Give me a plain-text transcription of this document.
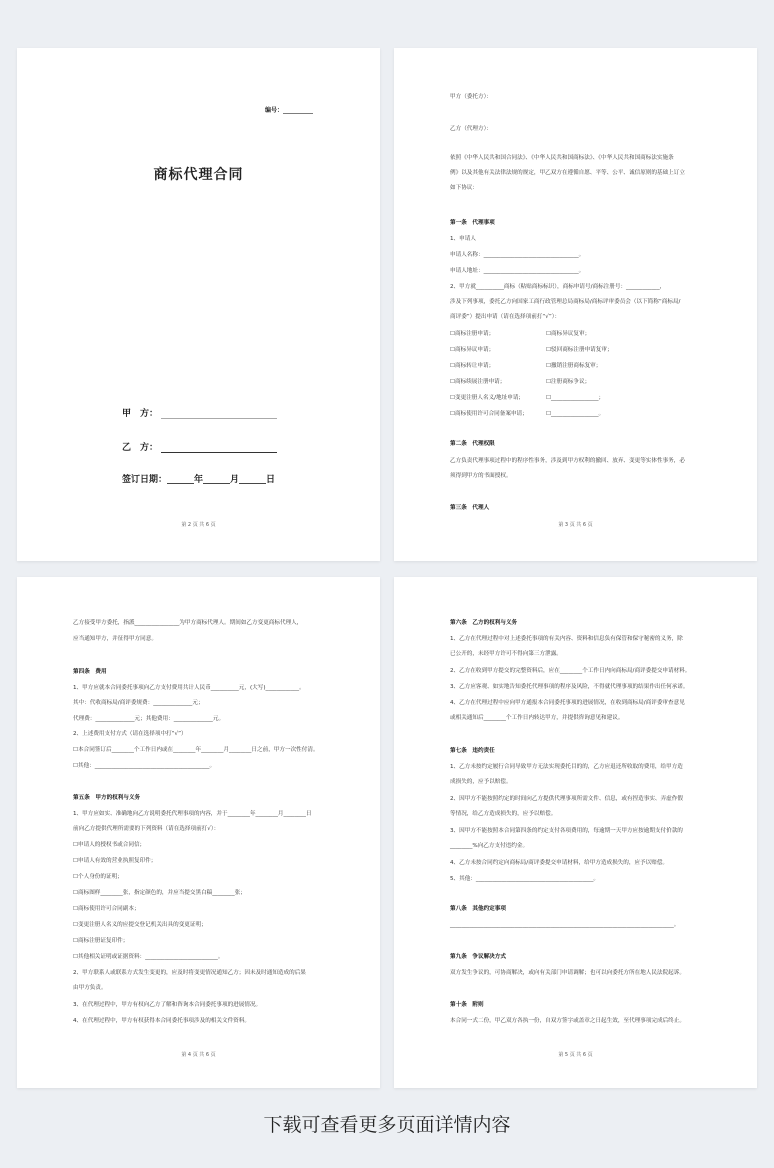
编号：__________
商标代理合同
甲　方：
乙　方：
签订日期：______年______月______日
第 2 页 共 6 页
甲方（委托方）：
乙方（代理方）：
依照《中华人民共和国合同法》、《中华人民共和国商标法》、《中华人民共和国商标法实施条
例》以及其他有关法律法规的规定，甲乙双方在遵循自愿、平等、公平、诚信原则的基础上订立
如下协议：
第一条　代理事项
1、申请人
申请人名称：__________________________________。
申请人地址：__________________________________。
2、甲方就__________商标（粘贴商标标识），商标申请号/商标注册号：____________，
涉及下列事项，委托乙方向国家工商行政管理总局商标局/商标评审委员会（以下简称“商标局/
商评委”）提出申请（请在选择项前打“√”）：
☐商标注册申请；
☐商标异议申请；
☐商标转让申请；
☐商标续展注册申请；
☐变更注册人名义/地址申请；
☐商标使用许可合同备案申请；
☐商标异议复审；
☐驳回商标注册申请复审；
☐撤销注册商标复审；
☐注册商标争议；
☐_________________；
☐_________________。
第二条　代理权限
乙方负责代理事项过程中的程序性事务，涉及到甲方权利的撤回、放弃、变更等实体性事务，必
须得到甲方的书面授权。
第三条　代理人
第 3 页 共 6 页
乙方接受甲方委托，指派________________为甲方商标代理人。期间如乙方变更商标代理人，
应当通知甲方，并征得甲方同意。
第四条　费用
1、甲方应就本合同委托事项向乙方支付费用共计人民币__________元，(大写)____________。
其中：代收商标局/商评委规费：______________元；
代理费：______________元；其他费用：______________元。
2、上述费用支付方式（请在选择项中打“√”）
☐本合同签订后________个工作日内或在________年________月________日之前，甲方一次性付清。
☐其他：_________________________________________。
第五条　甲方的权利与义务
1、甲方应如实、准确地向乙方说明委托代理事项的内容，并于________年________月________日
前向乙方提供代理所需要的下列资料（请在选择项前打√）：
☐申请人的授权书或合同信；
☐申请人有效的营业执照复印件；
☐个人身份的证明；
☐商标图样________张，指定颜色的，并应当提交黑白稿________张；
☐商标使用许可合同副本；
☐变更注册人名义的应提交登记机关出具的变更证明；
☐商标注册证复印件；
☐其他相关证明或证据资料：__________________________。
2、甲方联系人或联系方式发生变更的，应及时将变更情况通知乙方；因未及时通知造成的后果
由甲方负责。
3、在代理过程中，甲方有权向乙方了解和咨询本合同委托事项的进展情况。
4、在代理过程中，甲方有权获得本合同委托事项涉及的相关文件资料。
第 4 页 共 6 页
第六条　乙方的权利与义务
1、乙方在代理过程中对上述委托事项的有关内容、资料和信息负有保管和保守秘密的义务，除
已公开的，未经甲方许可不得向第三方泄露。
2、乙方在收到甲方提交的完整资料后，应在________个工作日内向商标局/商评委提交申请材料。
3、乙方应客观、如实地告知委托代理事项的程序及风险，不得就代理事项的结果作出任何承诺。
4、乙方在代理过程中应向甲方通报本合同委托事项的进展情况，在收到商标局/商评委审查意见
或相关通知后________个工作日内转达甲方，并提供咨询意见和建议。
第七条　违约责任
1、乙方未按约定履行合同导致甲方无法实现委托目的的，乙方应退还所收取的费用，给甲方造
成损失的，应予以赔偿。
2、因甲方不能按照约定的时间向乙方提供代理事项所需文件、信息，或有捏造事实、弄虚作假
等情况，给乙方造成损失的，应予以赔偿。
3、因甲方不能按照本合同第四条的约定支付各项费用的，每逾期一天甲方应按逾期支付价款的
________%向乙方支付违约金。
4、乙方未按合同约定向商标局/商评委提交申请材料，给甲方造成损失的，应予以赔偿。
5、其他：__________________________________________。
第八条　其他约定事项
________________________________________________________________________________。
第九条　争议解决方式
双方发生争议的，可协商解决，或向有关部门申请调解；也可以向委托方所在地人民法院起诉。
第十条　附则
本合同一式二份，甲乙双方各执一份，自双方签字或盖章之日起生效，至代理事项完成后终止。
第 5 页 共 6 页
下载可查看更多页面详情内容
